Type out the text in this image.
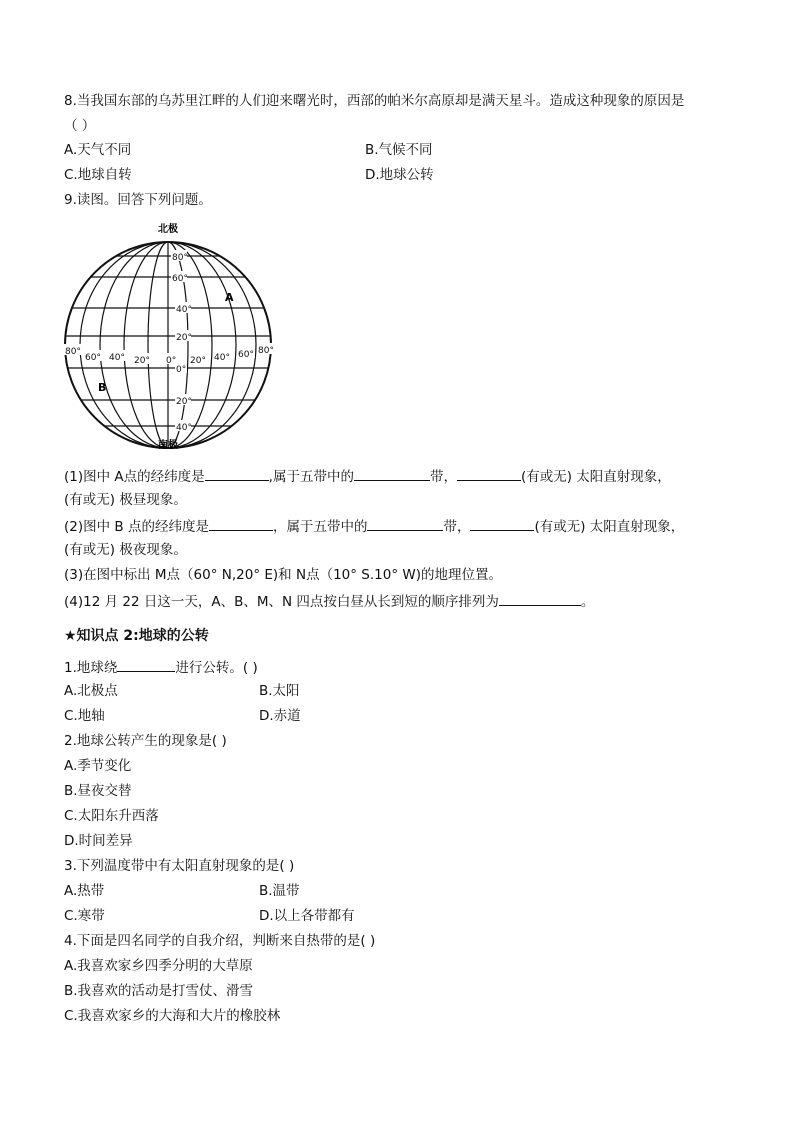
8.当我国东部的乌苏里江畔的人们迎来曙光时，西部的帕米尔高原却是满天星斗。造成这种现象的原因是
（ ）
A.天气不同	B.气候不同
C.地球自转	D.地球公转
9.读图。回答下列问题。
北极
南极
80°
60°
40°
20°
0°
20°
40°
80°
60° 40° 20° 0° 20° 40° 60° 80°
A
B
(1)图中 A点的经纬度是	,属于五带中的	带，	(有或无) 太阳直射现象，
(有或无) 极昼现象。
(2)图中 B 点的经纬度是	，属于五带中的	带，	(有或无) 太阳直射现象，
(有或无) 极夜现象。
(3)在图中标出 M点（60° N,20° E)和 N点（10° S.10° W)的地理位置。
(4)12 月 22 日这一天，A、B、M、N 四点按白昼从长到短的顺序排列为	。
★知识点 2:地球的公转
1.地球绕	进行公转。( )
A.北极点	B.太阳
C.地轴	D.赤道
2.地球公转产生的现象是( )
A.季节变化
B.昼夜交替
C.太阳东升西落
D.时间差异
3.下列温度带中有太阳直射现象的是( )
A.热带	B.温带
C.寒带	D.以上各带都有
4.下面是四名同学的自我介绍，判断来自热带的是( )
A.我喜欢家乡四季分明的大草原
B.我喜欢的活动是打雪仗、滑雪
C.我喜欢家乡的大海和大片的橡胶林
